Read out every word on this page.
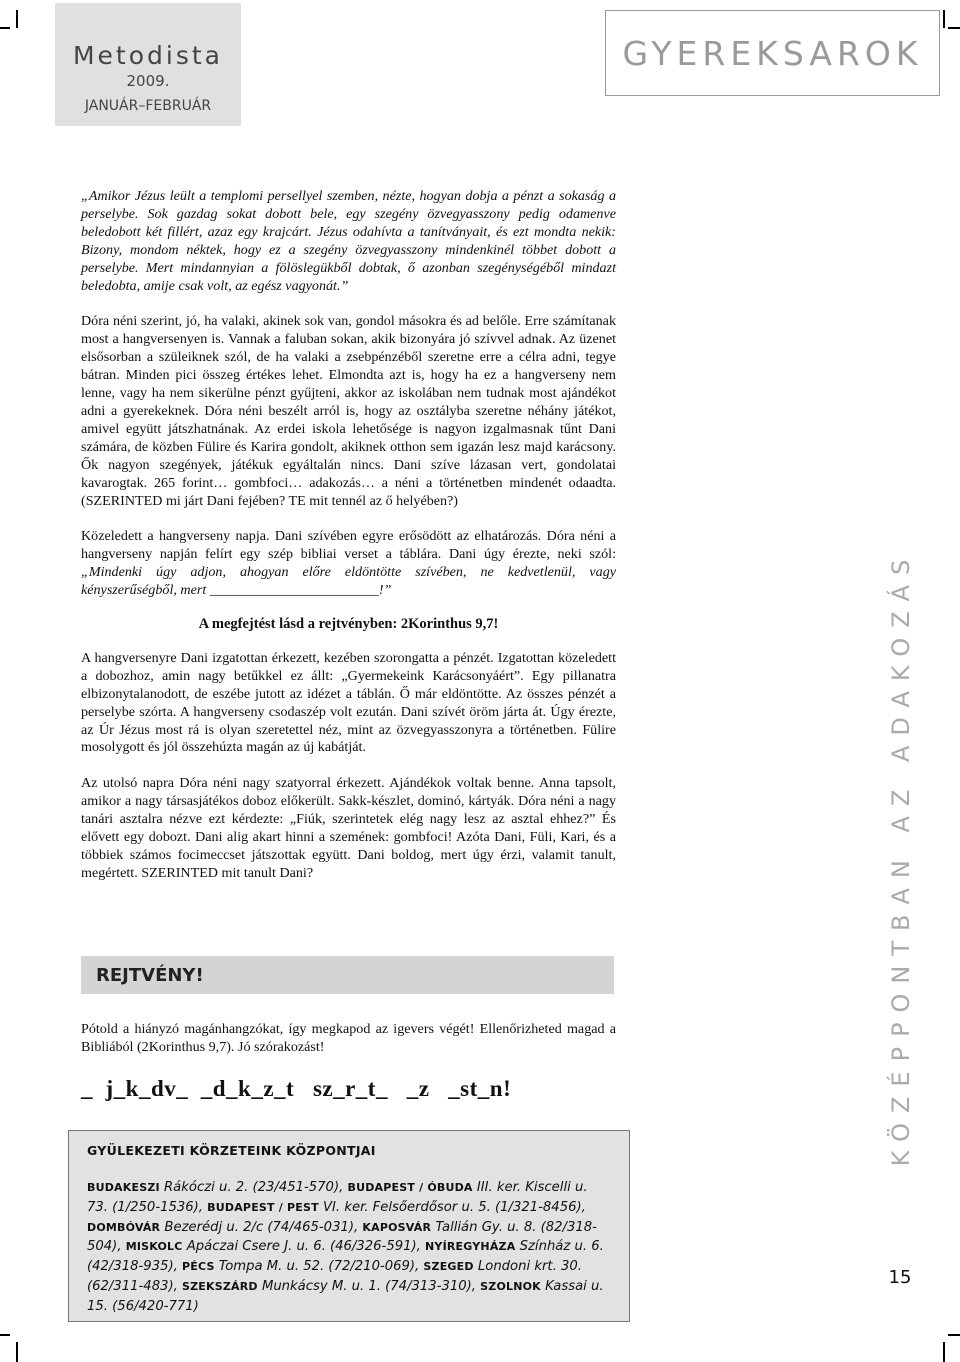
Metodista
2009.
JANUÁR–FEBRUÁR
GYEREKSAROK

„Amikor Jézus leült a templomi persellyel szemben, nézte, hogyan dobja a pénzt a sokaság a perselybe. Sok gazdag sokat dobott bele, egy szegény özvegyasszony pedig odamenve beledobott két fillért, azaz egy krajcárt. Jézus odahívta a tanítványait, és ezt mondta nekik: Bizony, mondom néktek, hogy ez a szegény özvegyasszony mindenkinél többet dobott a perselybe. Mert mindannyian a fölöslegükből dobtak, ő azonban szegénységéből mindazt beledobta, amije csak volt, az egész vagyonát.”

Dóra néni szerint, jó, ha valaki, akinek sok van, gondol másokra és ad belőle. Erre számítanak most a hangversenyen is. Vannak a faluban sokan, akik bizonyára jó szívvel adnak. Az üzenet elsősorban a szüleiknek szól, de ha valaki a zsebpénzéből szeretne erre a célra adni, tegye bátran. Minden pici összeg értékes lehet. Elmondta azt is, hogy ha ez a hangverseny nem lenne, vagy ha nem sikerülne pénzt gyűjteni, akkor az iskolában nem tudnak most ajándékot adni a gyerekeknek. Dóra néni beszélt arról is, hogy az osztályba szeretne néhány játékot, amivel együtt játszhatnának. Az erdei iskola lehetősége is nagyon izgalmasnak tűnt Dani számára, de közben Fülire és Karira gondolt, akiknek otthon sem igazán lesz majd karácsony. Ők nagyon szegények, játékuk egyáltalán nincs. Dani szíve lázasan vert, gondolatai kavarogtak. 265 forint… gombfoci… adakozás… a néni a történetben mindenét odaadta. (SZERINTED mi járt Dani fejében? TE mit tennél az ő helyében?)

Közeledett a hangverseny napja. Dani szívében egyre erősödött az elhatározás. Dóra néni a hangverseny napján felírt egy szép bibliai verset a táblára. Dani úgy érezte, neki szól: „Mindenki úgy adjon, ahogyan előre eldöntötte szívében, ne kedvetlenül, vagy kényszerűségből, mert ________________________!”

A megfejtést lásd a rejtvényben: 2Korinthus 9,7!

A hangversenyre Dani izgatottan érkezett, kezében szorongatta a pénzét. Izgatottan közeledett a dobozhoz, amin nagy betűkkel ez állt: „Gyermekeink Karácsonyáért”. Egy pillanatra elbizonytalanodott, de eszébe jutott az idézet a táblán. Ő már eldöntötte. Az összes pénzét a perselybe szórta. A hangverseny csodaszép volt ezután. Dani szívét öröm járta át. Úgy érezte, az Úr Jézus most rá is olyan szeretettel néz, mint az özvegyasszonyra a történetben. Fülire mosolygott és jól összehúzta magán az új kabátját.

Az utolsó napra Dóra néni nagy szatyorral érkezett. Ajándékok voltak benne. Anna tapsolt, amikor a nagy társasjátékos doboz előkerült. Sakk-készlet, dominó, kártyák. Dóra néni a nagy tanári asztalra nézve ezt kérdezte: „Fiúk, szerintetek elég nagy lesz az asztal ehhez?” És elővett egy dobozt. Dani alig akart hinni a szemének: gombfoci! Azóta Dani, Füli, Kari, és a többiek számos focimeccset játszottak együtt. Dani boldog, mert úgy érzi, valamit tanult, megértett. SZERINTED mit tanult Dani?

REJTVÉNY!

Pótold a hiányzó magánhangzókat, így megkapod az igevers végét! Ellenőrizheted magad a Bibliából (2Korinthus 9,7). Jó szórakozást!

_  j_k_dv_  _d_k_z_t   sz_r_t_   _z   _st_n!

GYÜLEKEZETI KÖRZETEINK KÖZPONTJAI

BUDAKESZI Rákóczi u. 2. (23/451-570), BUDAPEST / ÓBUDA III. ker. Kiscelli u. 73. (1/250-1536), BUDAPEST / PEST VI. ker. Felsőerdősor u. 5. (1/321-8456), DOMBÓVÁR Bezerédj u. 2/c (74/465-031), KAPOSVÁR Tallián Gy. u. 8. (82/318-504), MISKOLC Apáczai Csere J. u. 6. (46/326-591), NYÍREGYHÁZA Színház u. 6. (42/318-935), PÉCS Tompa M. u. 52. (72/210-069), SZEGED Londoni krt. 30. (62/311-483), SZEKSZÁRD Munkácsy M. u. 1. (74/313-310), SZOLNOK Kassai u. 15. (56/420-771)

KÖZÉPPONTBAN AZ ADAKOZÁS
15
